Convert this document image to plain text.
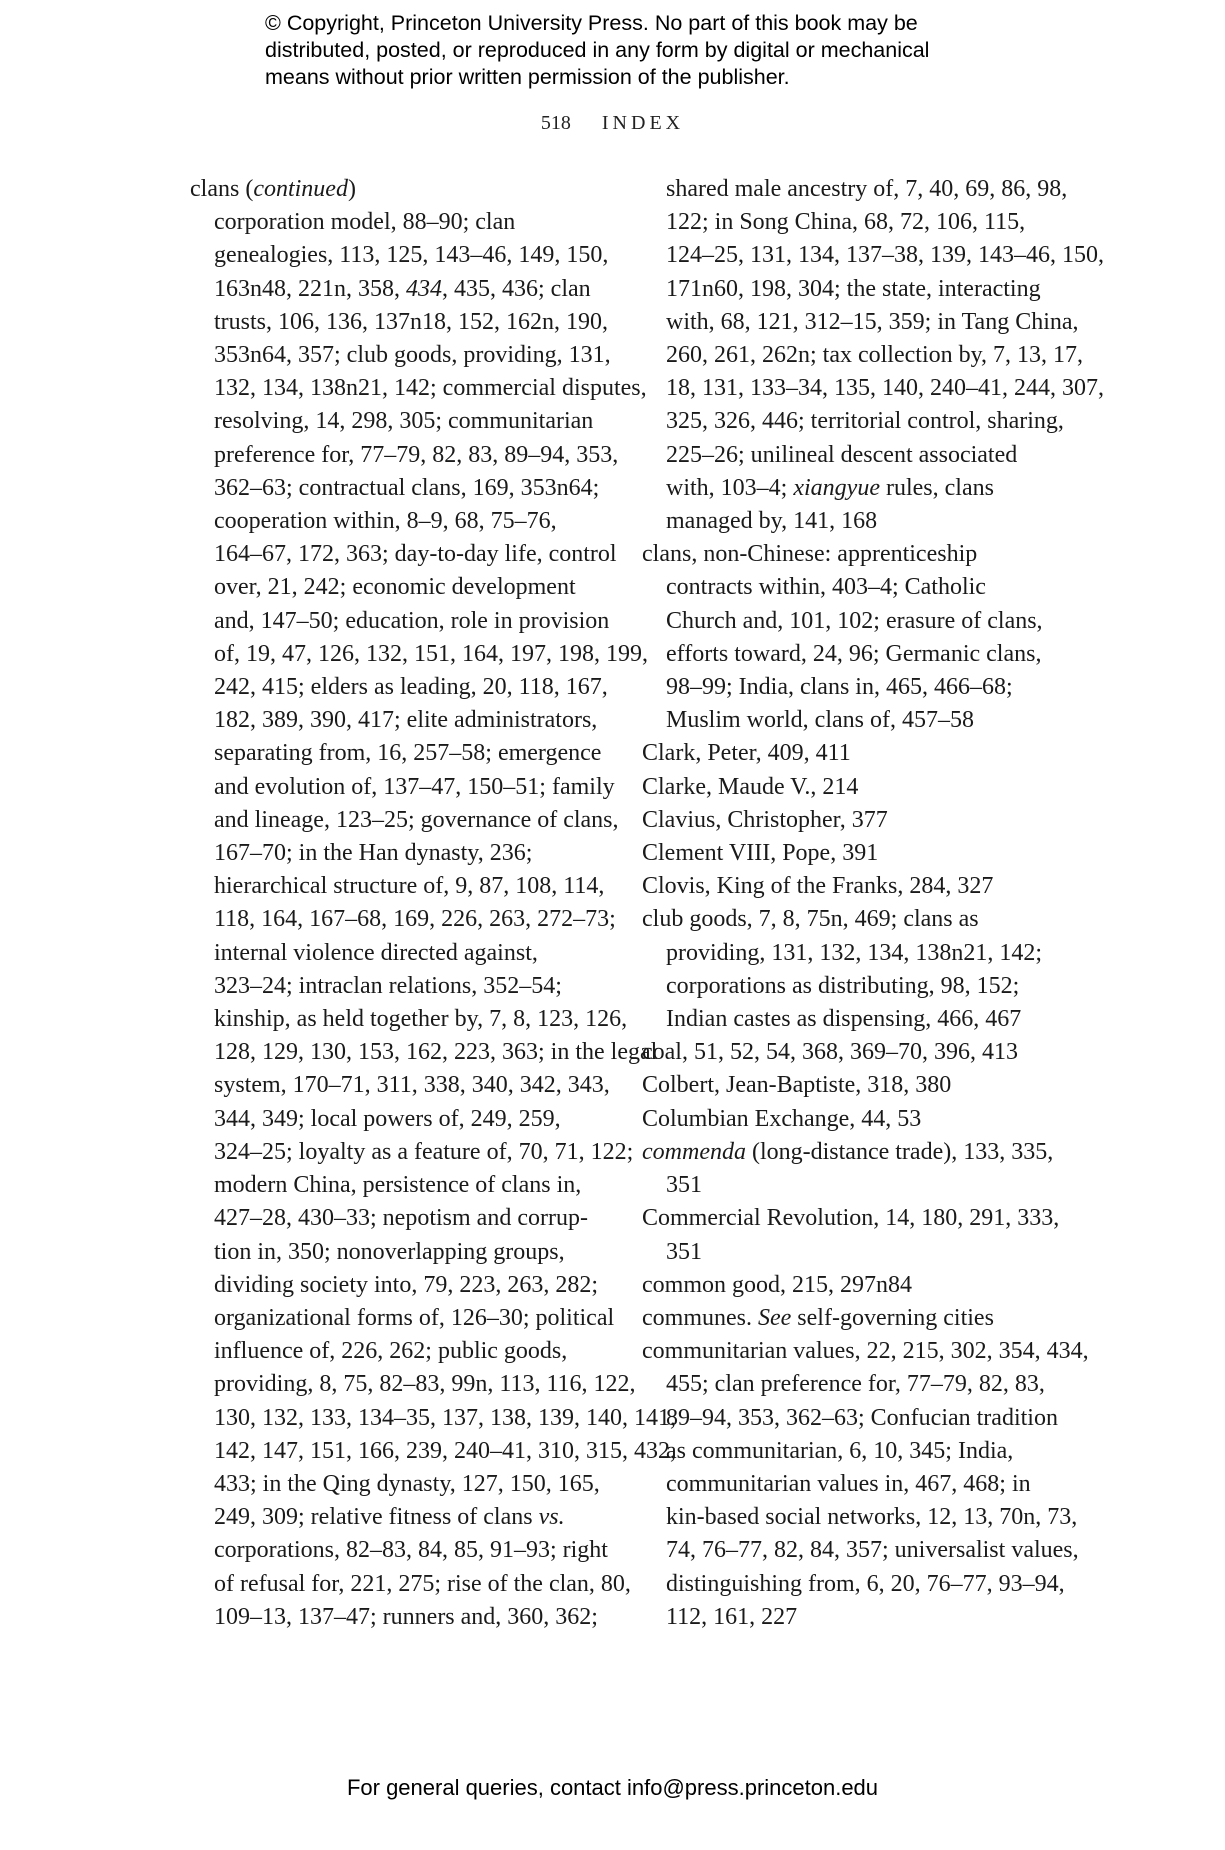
© Copyright, Princeton University Press. No part of this book may be
distributed, posted, or reproduced in any form by digital or mechanical
means without prior written permission of the publisher.
518 INDEX
clans (continued)
corporation model, 88–90; clan
genealogies, 113, 125, 143–46, 149, 150,
163n48, 221n, 358, 434, 435, 436; clan
trusts, 106, 136, 137n18, 152, 162n, 190,
353n64, 357; club goods, providing, 131,
132, 134, 138n21, 142; commercial disputes,
resolving, 14, 298, 305; communitarian
preference for, 77–79, 82, 83, 89–94, 353,
362–63; contractual clans, 169, 353n64;
cooperation within, 8–9, 68, 75–76,
164–67, 172, 363; day-to-day life, control
over, 21, 242; economic development
and, 147–50; education, role in provision
of, 19, 47, 126, 132, 151, 164, 197, 198, 199,
242, 415; elders as leading, 20, 118, 167,
182, 389, 390, 417; elite administrators,
separating from, 16, 257–58; emergence
and evolution of, 137–47, 150–51; family
and lineage, 123–25; governance of clans,
167–70; in the Han dynasty, 236;
hierarchical structure of, 9, 87, 108, 114,
118, 164, 167–68, 169, 226, 263, 272–73;
internal violence directed against,
323–24; intraclan relations, 352–54;
kinship, as held together by, 7, 8, 123, 126,
128, 129, 130, 153, 162, 223, 363; in the legal
system, 170–71, 311, 338, 340, 342, 343,
344, 349; local powers of, 249, 259,
324–25; loyalty as a feature of, 70, 71, 122;
modern China, persistence of clans in,
427–28, 430–33; nepotism and corrup-
tion in, 350; nonoverlapping groups,
dividing society into, 79, 223, 263, 282;
organizational forms of, 126–30; political
influence of, 226, 262; public goods,
providing, 8, 75, 82–83, 99n, 113, 116, 122,
130, 132, 133, 134–35, 137, 138, 139, 140, 141,
142, 147, 151, 166, 239, 240–41, 310, 315, 432,
433; in the Qing dynasty, 127, 150, 165,
249, 309; relative fitness of clans vs.
corporations, 82–83, 84, 85, 91–93; right
of refusal for, 221, 275; rise of the clan, 80,
109–13, 137–47; runners and, 360, 362;
shared male ancestry of, 7, 40, 69, 86, 98,
122; in Song China, 68, 72, 106, 115,
124–25, 131, 134, 137–38, 139, 143–46, 150,
171n60, 198, 304; the state, interacting
with, 68, 121, 312–15, 359; in Tang China,
260, 261, 262n; tax collection by, 7, 13, 17,
18, 131, 133–34, 135, 140, 240–41, 244, 307,
325, 326, 446; territorial control, sharing,
225–26; unilineal descent associated
with, 103–4; xiangyue rules, clans
managed by, 141, 168
clans, non-Chinese: apprenticeship
contracts within, 403–4; Catholic
Church and, 101, 102; erasure of clans,
efforts toward, 24, 96; Germanic clans,
98–99; India, clans in, 465, 466–68;
Muslim world, clans of, 457–58
Clark, Peter, 409, 411
Clarke, Maude V., 214
Clavius, Christopher, 377
Clement VIII, Pope, 391
Clovis, King of the Franks, 284, 327
club goods, 7, 8, 75n, 469; clans as
providing, 131, 132, 134, 138n21, 142;
corporations as distributing, 98, 152;
Indian castes as dispensing, 466, 467
coal, 51, 52, 54, 368, 369–70, 396, 413
Colbert, Jean-Baptiste, 318, 380
Columbian Exchange, 44, 53
commenda (long-distance trade), 133, 335,
351
Commercial Revolution, 14, 180, 291, 333,
351
common good, 215, 297n84
communes. See self-governing cities
communitarian values, 22, 215, 302, 354, 434,
455; clan preference for, 77–79, 82, 83,
89–94, 353, 362–63; Confucian tradition
as communitarian, 6, 10, 345; India,
communitarian values in, 467, 468; in
kin-based social networks, 12, 13, 70n, 73,
74, 76–77, 82, 84, 357; universalist values,
distinguishing from, 6, 20, 76–77, 93–94,
112, 161, 227
For general queries, contact info@press.princeton.edu
